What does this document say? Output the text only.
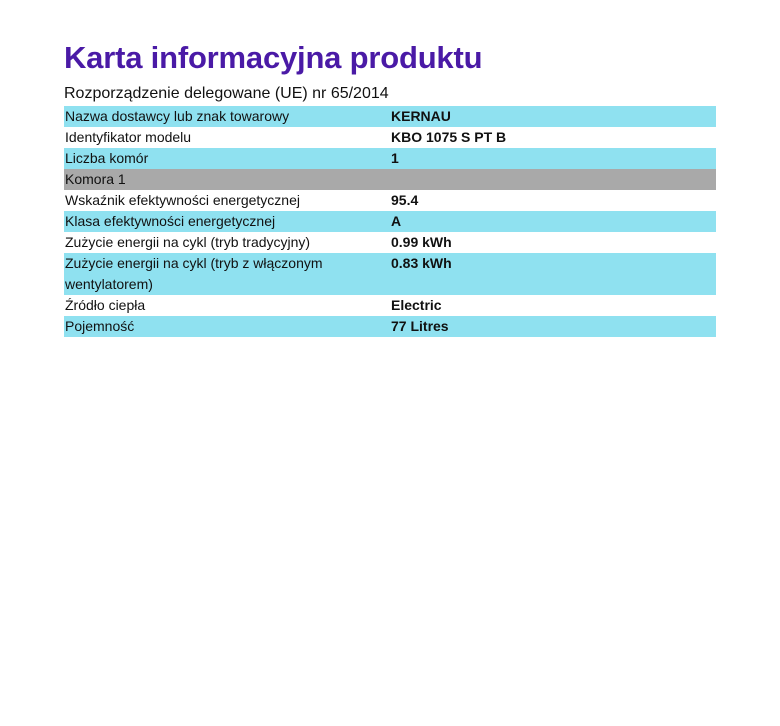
Karta informacyjna produktu
Rozporządzenie delegowane (UE) nr 65/2014
Nazwa dostawcy lub znak towarowy	KERNAU
Identyfikator modelu	KBO 1075 S PT B
Liczba komór	1
Komora 1	
Wskaźnik efektywności energetycznej	95.4
Klasa efektywności energetycznej	A
Zużycie energii na cykl (tryb tradycyjny)	0.99 kWh
Zużycie energii na cykl (tryb z włączonym wentylatorem)	0.83 kWh
Źródło ciepła	Electric
Pojemność	77 Litres
